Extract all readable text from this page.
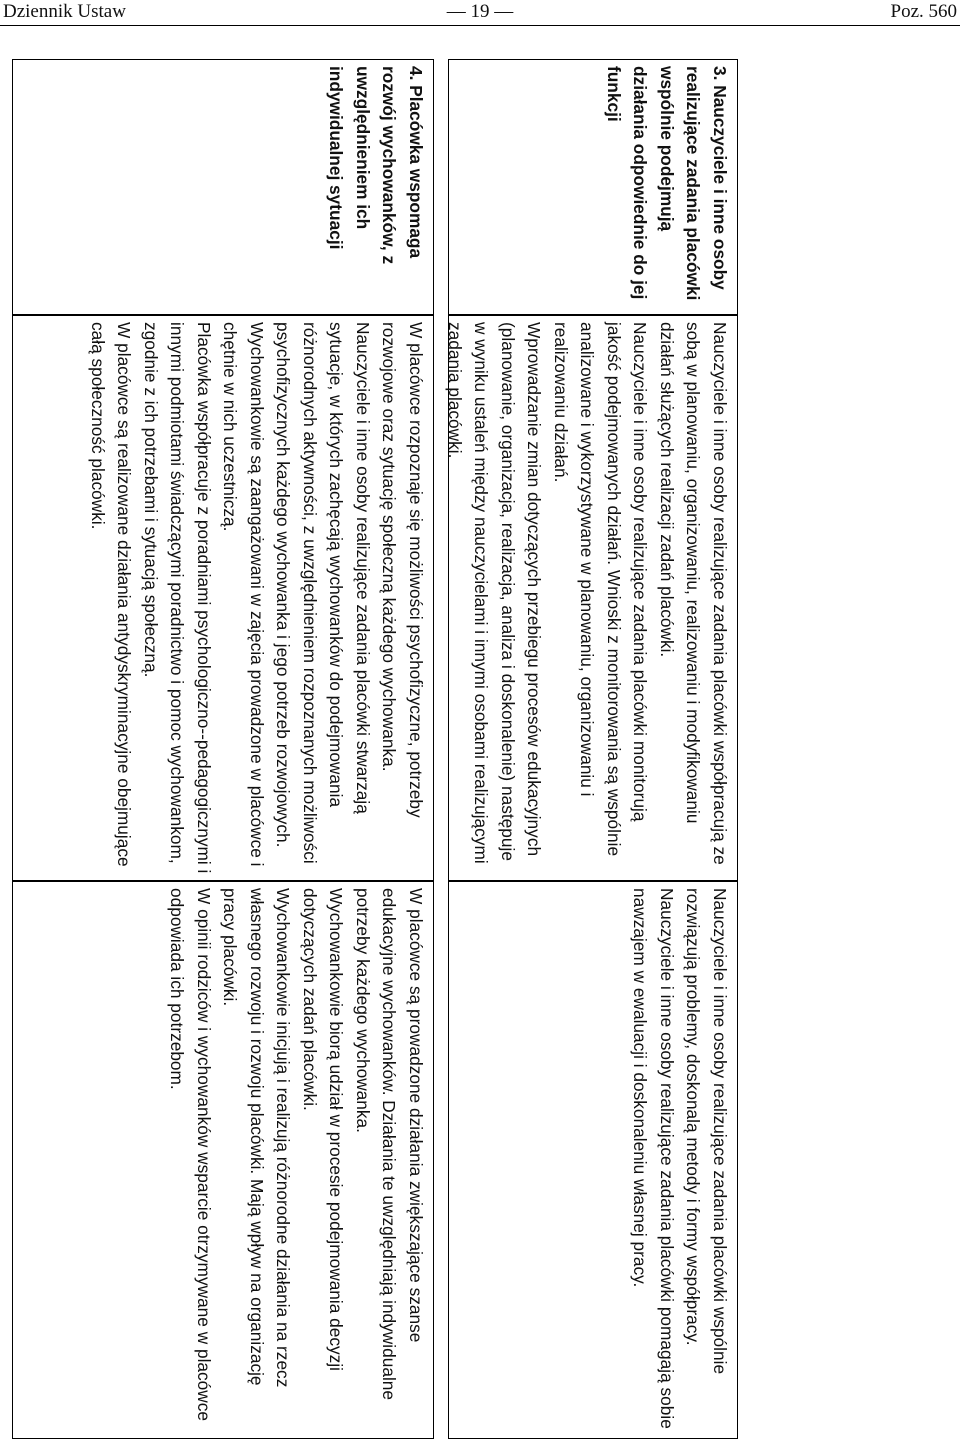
Dziennik Ustaw	— 19 —	Poz. 560
3. Nauczyciele i inne osoby realizujące zadania placówki wspólnie podejmują działania odpowiednie do jej funkcji

Nauczyciele i inne osoby realizujące zadania placówki współpracują ze sobą w planowaniu, organizowaniu, realizowaniu i modyfikowaniu działań służących realizacji zadań placówki.

Nauczyciele i inne osoby realizujące zadania placówki monitorują jakość podejmowanych działań. Wnioski z monitorowania są wspólnie analizowane i wykorzystywane w planowaniu, organizowaniu i realizowaniu działań.

Wprowadzanie zmian dotyczących przebiegu procesów edukacyjnych (planowanie, organizacja, realizacja, analiza i doskonalenie) następuje w wyniku ustaleń między nauczycielami i innymi osobami realizującymi zadania placówki.

Nauczyciele i inne osoby realizujące zadania placówki wspólnie rozwiązują problemy, doskonalą metody i formy współpracy.

Nauczyciele i inne osoby realizujące zadania placówki pomagają sobie nawzajem w ewaluacji i doskonaleniu własnej pracy.

4. Placówka wspomaga rozwój wychowanków, z uwzględnieniem ich indywidualnej sytuacji

W placówce rozpoznaje się możliwości psychofizyczne, potrzeby rozwojowe oraz sytuację społeczną każdego wychowanka.

Nauczyciele i inne osoby realizujące zadania placówki stwarzają sytuacje, w których zachęcają wychowanków do podejmowania różnorodnych aktywności, z uwzględnieniem rozpoznanych możliwości psychofizycznych każdego wychowanka i jego potrzeb rozwojowych.

Wychowankowie są zaangażowani w zajęcia prowadzone w placówce i chętnie w nich uczestniczą.

Placówka współpracuje z poradniami psychologiczno--pedagogicznymi i innymi podmiotami świadczącymi poradnictwo i pomoc wychowankom, zgodnie z ich potrzebami i sytuacją społeczną.

W placówce są realizowane działania antydyskryminacyjne obejmujące całą społeczność placówki.

W placówce są prowadzone działania zwiększające szanse edukacyjne wychowanków. Działania te uwzględniają indywidualne potrzeby każdego wychowanka.

Wychowankowie biorą udział w procesie podejmowania decyzji dotyczących zadań placówki.

Wychowankowie inicjują i realizują różnorodne działania na rzecz własnego rozwoju i rozwoju placówki. Mają wpływ na organizację pracy placówki.

W opinii rodziców i wychowanków wsparcie otrzymywane w placówce odpowiada ich potrzebom.
